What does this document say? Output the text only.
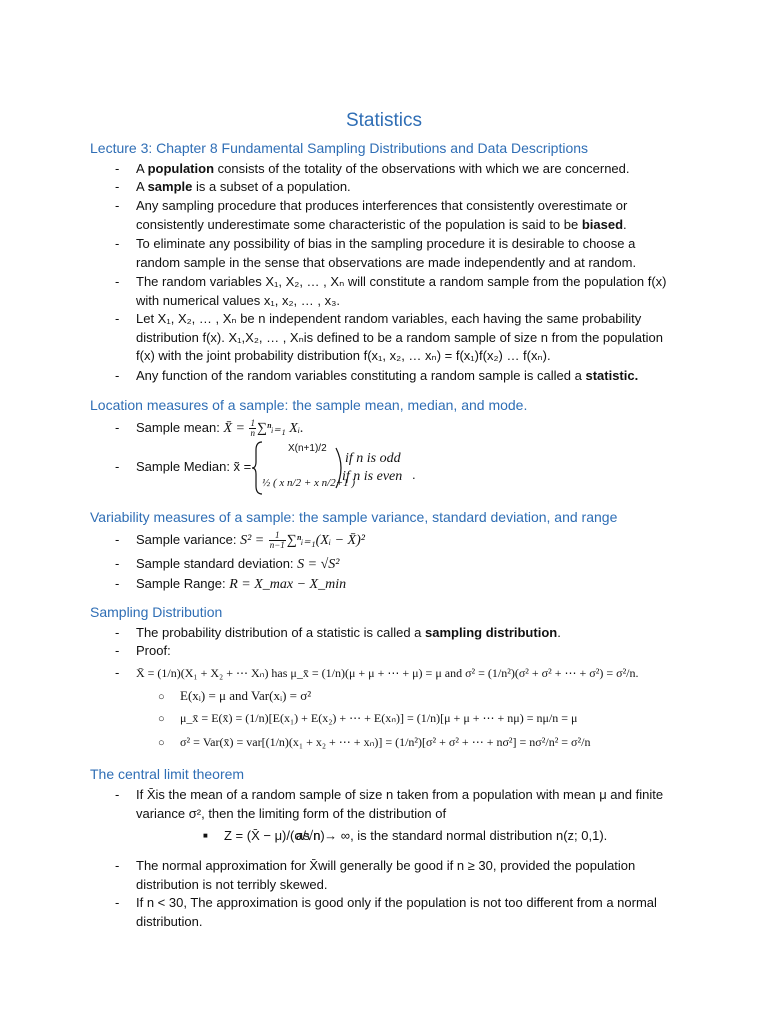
Statistics
Lecture 3: Chapter 8 Fundamental Sampling Distributions and Data Descriptions
- A population consists of the totality of the observations with which we are concerned.
- A sample is a subset of a population.
- Any sampling procedure that produces interferences that consistently overestimate or consistently underestimate some characteristic of the population is said to be biased.
- To eliminate any possibility of bias in the sampling procedure it is desirable to choose a random sample in the sense that observations are made independently and at random.
- The random variables X₁, X₂, … , Xₙ will constitute a random sample from the population f(x) with numerical values x₁, x₂, … , x₃.
- Let X₁, X₂, … , Xₙ be n independent random variables, each having the same probability distribution f(x). X₁,X₂, … , Xₙis defined to be a random sample of size n from the population f(x) with the joint probability distribution f(x₁, x₂, … xₙ) = f(x₁)f(x₂) … f(xₙ).
- Any function of the random variables constituting a random sample is called a statistic.
Location measures of a sample: the sample mean, median, and mode.
- Sample mean: X̄ = $\frac{1}{n}$ ∑ⁿᵢ₌₁ Xᵢ.
- Sample Median: x̃ =
X(n+1)/2
½ ( x n/2 + x n/2+1 )
if n is odd
if n is even .
Variability measures of a sample: the sample variance, standard deviation, and range
- Sample variance: $S^2 = \frac{1}{n-1}$ ∑ⁿᵢ₌₁(Xᵢ − X̄)²
- Sample standard deviation: S = √S²
- Sample Range: R = X_max − X_min
Sampling Distribution
- The probability distribution of a statistic is called a sampling distribution.
- Proof:
- X̄ = (1/n)(X₁ + X₂ + ⋯ Xₙ) has μ_x̄ = (1/n)(μ + μ + ⋯ + μ) = μ and σ² = (1/n²)(σ² + σ² + ⋯ + σ²) = σ²/n.
○ E(xᵢ) = μ and Var(xᵢ) = σ²
○ μ_x̄ = E(x̄) = (1/n)[E(x₁) + E(x₂) + ⋯ + E(xₙ)] = (1/n)[μ + μ + ⋯ + nμ) = nμ/n = μ
○ σ² = Var(x̄) = var[(1/n)(x₁ + x₂ + ⋯ + xₙ)] = (1/n²)[σ² + σ² + ⋯ + nσ²] = nσ²/n² = σ²/n
The central limit theorem
- If X̄is the mean of a random sample of size n taken from a population with mean μ and finite variance σ², then the limiting form of the distribution of
■ Z = (X̄ − μ)/(σ/√n)
as n → ∞, is the standard normal distribution n(z; 0,1).
- The normal approximation for X̄will generally be good if n ≥ 30, provided the population distribution is not terribly skewed.
- If n < 30, The approximation is good only if the population is not too different from a normal distribution.
